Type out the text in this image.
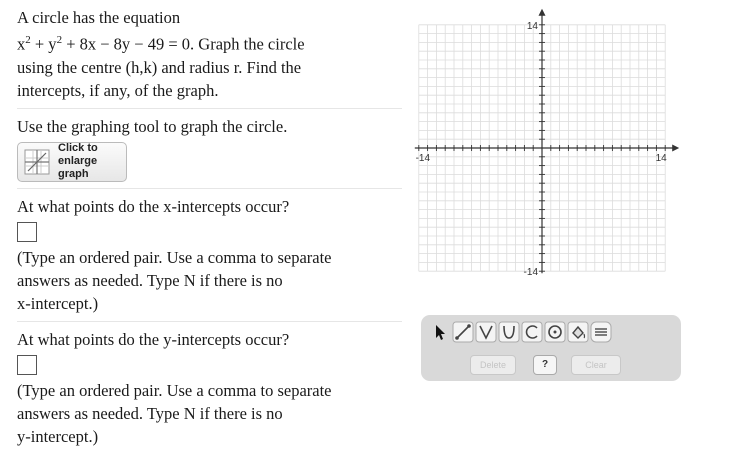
A circle has the equation
$x^2 + y^2 + 8x - 8y - 49 = 0$. Graph the circle
using the centre (h,k) and radius r. Find the
intercepts, if any, of the graph.
Use the graphing tool to graph the circle.
Click to
enlarge
graph
At what points do the x-intercepts occur?
(Type an ordered pair. Use a comma to separate
answers as needed. Type N if there is no
x-intercept.)
At what points do the y-intercepts occur?
(Type an ordered pair. Use a comma to separate
answers as needed. Type N if there is no
y-intercept.)
-14	14
14
-14
Delete	?	Clear
